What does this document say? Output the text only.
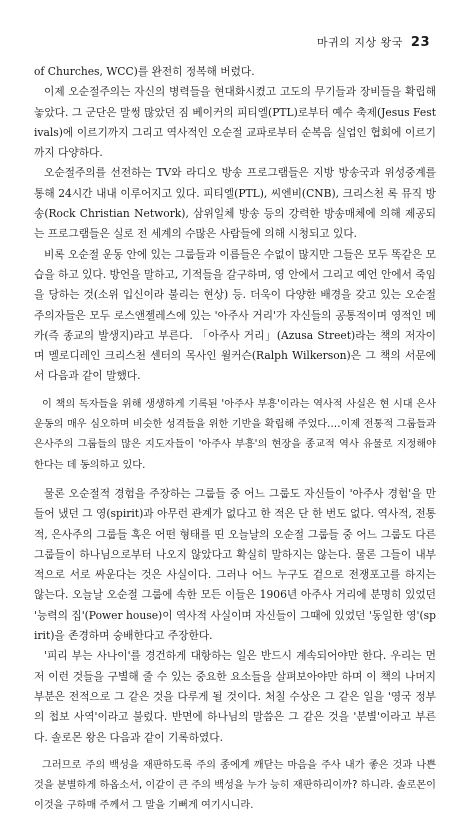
마귀의 지상 왕국 23

of Churches, WCC)를 완전히 정복해 버렸다.

이제 오순절주의는 자신의 병력들을 현대화시켰고 고도의 무기들과 장비들을 확립해 놓았다. 그 군단은 말썽 많았던 짐 베이커의 피티엘(PTL)로부터 예수 축제(Jesus Festivals)에 이르기까지 그리고 역사적인 오순절 교파로부터 순복음 실업인 협회에 이르기까지 다양하다.

오순절주의를 선전하는 TV와 라디오 방송 프로그램들은 지방 방송국과 위성중계를 통해 24시간 내내 이루어지고 있다. 피티엘(PTL), 씨엔비(CNB), 크리스천 록 뮤직 방송(Rock Christian Network), 삼위일체 방송 등의 강력한 방송매체에 의해 제공되는 프로그램들은 실로 전 세계의 수많은 사람들에 의해 시청되고 있다.

비록 오순절 운동 안에 있는 그룹들과 이름들은 수없이 많지만 그들은 모두 똑같은 모습을 하고 있다. 방언을 말하고, 기적들을 갈구하며, 영 안에서 그리고 예언 안에서 죽임을 당하는 것(소위 입신이라 불리는 현상) 등. 더욱이 다양한 배경을 갖고 있는 오순절주의자들은 모두 로스앤젤레스에 있는 '아주사 거리'가 자신들의 공통적이며 영적인 메카(즉 종교의 발생지)라고 부른다. 「아주사 거리」(Azusa Street)라는 책의 저자이며 멜로디레인 크리스천 센터의 목사인 윌커슨(Ralph Wilkerson)은 그 책의 서문에서 다음과 같이 말했다.

이 책의 독자들을 위해 생생하게 기록된 '아주사 부흥'이라는 역사적 사실은 현 시대 은사 운동의 매우 심오하며 비슷한 성격들을 위한 기반을 확립해 주었다.…이제 전통적 그룹들과 은사주의 그룹들의 많은 지도자들이 '아주사 부흥'의 현장을 종교적 역사 유물로 지정해야 한다는 데 동의하고 있다.

물론 오순절적 경험을 주장하는 그룹들 중 어느 그룹도 자신들이 '아주사 경험'을 만들어 냈던 그 영(spirit)과 아무런 관계가 없다고 한 적은 단 한 번도 없다. 역사적, 전통적, 은사주의 그룹들 혹은 어떤 형태를 띤 오늘날의 오순절 그룹들 중 어느 그룹도 다른 그룹들이 하나님으로부터 나오지 않았다고 확실히 말하지는 않는다. 물론 그들이 내부적으로 서로 싸운다는 것은 사실이다. 그러나 어느 누구도 겉으로 전쟁포고를 하지는 않는다. 오늘날 오순절 그룹에 속한 모든 이들은 1906년 아주사 거리에 분명히 있었던 '능력의 집'(Power house)이 역사적 사실이며 자신들이 그때에 있었던 '동일한 영'(spirit)을 존경하며 숭배한다고 주장한다.

'피리 부는 사나이'를 경건하게 대항하는 일은 반드시 계속되어야만 한다. 우리는 먼저 이런 것들을 구별해 줄 수 있는 중요한 요소들을 살펴보아야만 하며 이 책의 나머지 부분은 전적으로 그 같은 것을 다루게 될 것이다. 처칠 수상은 그 같은 일을 '영국 정부의 첩보 사역'이라고 불렀다. 반면에 하나님의 말씀은 그 같은 것을 '분별'이라고 부른다. 솔로몬 왕은 다음과 같이 기록하였다.

그러므로 주의 백성을 재판하도록 주의 종에게 깨닫는 마음을 주사 내가 좋은 것과 나쁜 것을 분별하게 하옵소서, 이같이 큰 주의 백성을 누가 능히 재판하리이까? 하니라. 솔로몬이 이것을 구하매 주께서 그 말을 기뻐게 여기시니라.
